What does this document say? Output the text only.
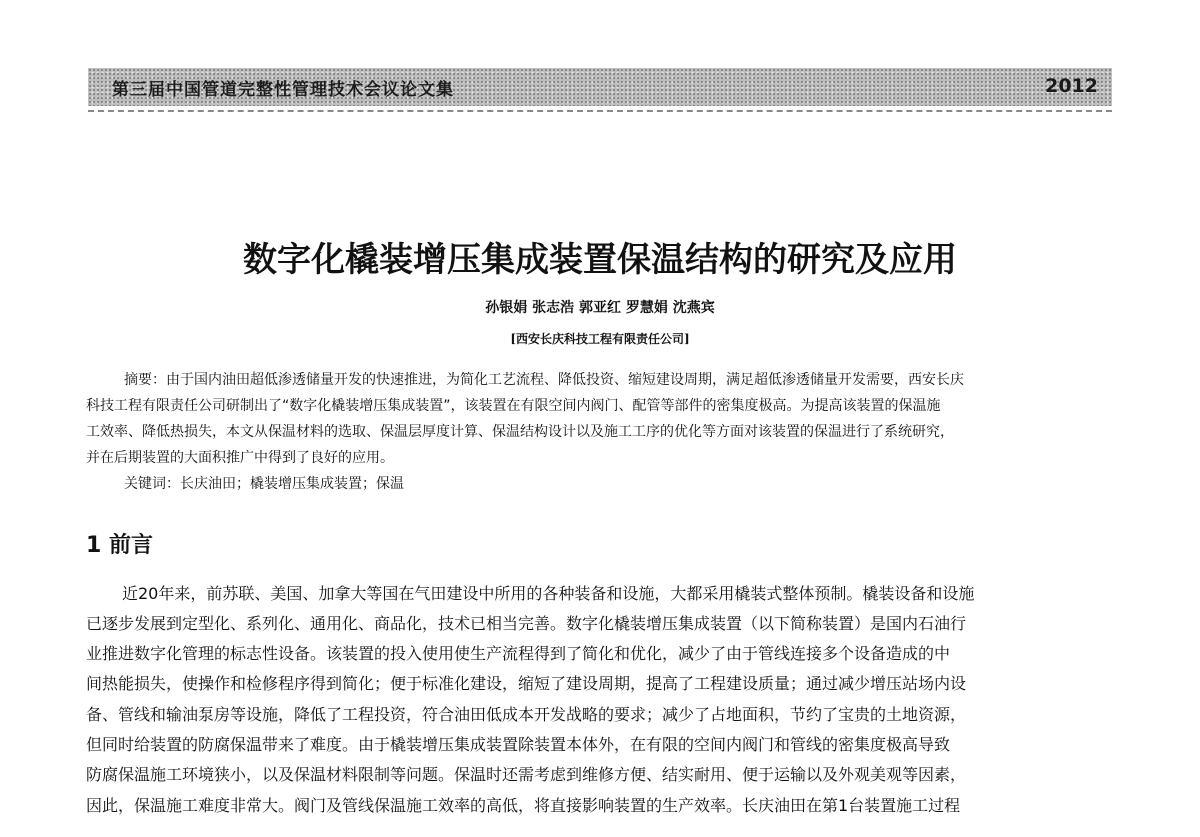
第三届中国管道完整性管理技术会议论文集	2012
数字化橇装增压集成装置保温结构的研究及应用
孙银娟 张志浩 郭亚红 罗慧娟 沈燕宾
[西安长庆科技工程有限责任公司]
摘要：由于国内油田超低渗透储量开发的快速推进，为简化工艺流程、降低投资、缩短建设周期，满足超低渗透储量开发需要，西安长庆
科技工程有限责任公司研制出了“数字化橇装增压集成装置”，该装置在有限空间内阀门、配管等部件的密集度极高。为提高该装置的保温施
工效率、降低热损失，本文从保温材料的选取、保温层厚度计算、保温结构设计以及施工工序的优化等方面对该装置的保温进行了系统研究，
并在后期装置的大面积推广中得到了良好的应用。
关键词：长庆油田；橇装增压集成装置；保温
1 前言
近20年来，前苏联、美国、加拿大等国在气田建设中所用的各种装备和设施，大都采用橇装式整体预制。橇装设备和设施
已逐步发展到定型化、系列化、通用化、商品化，技术已相当完善。数字化橇装增压集成装置（以下简称装置）是国内石油行
业推进数字化管理的标志性设备。该装置的投入使用使生产流程得到了简化和优化，减少了由于管线连接多个设备造成的中
间热能损失，使操作和检修程序得到简化；便于标准化建设，缩短了建设周期，提高了工程建设质量；通过减少增压站场内设
备、管线和输油泵房等设施，降低了工程投资，符合油田低成本开发战略的要求；减少了占地面积，节约了宝贵的土地资源，
但同时给装置的防腐保温带来了难度。由于橇装增压集成装置除装置本体外，在有限的空间内阀门和管线的密集度极高导致
防腐保温施工环境狭小，以及保温材料限制等问题。保温时还需考虑到维修方便、结实耐用、便于运输以及外观美观等因素，
因此，保温施工难度非常大。阀门及管线保温施工效率的高低，将直接影响装置的生产效率。长庆油田在第1台装置施工过程
